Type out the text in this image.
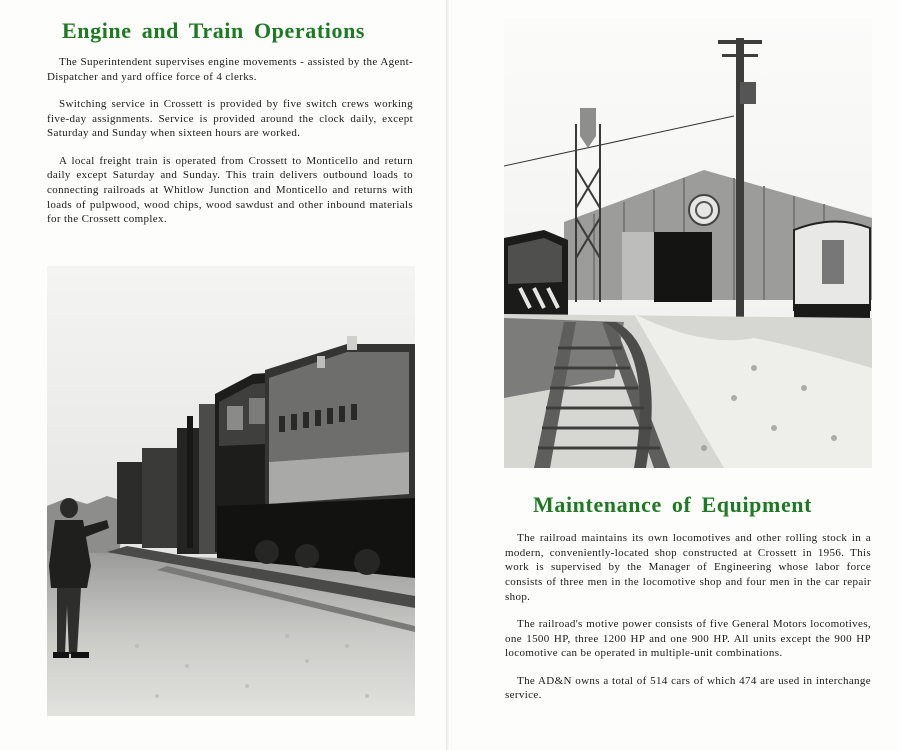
Engine and Train Operations

The Superintendent supervises engine movements - assisted by the Agent-Dispatcher and yard office force of 4 clerks.

Switching service in Crossett is provided by five switch crews working five-day assignments. Service is provided around the clock daily, except Saturday and Sunday when sixteen hours are worked.

A local freight train is operated from Crossett to Monticello and return daily except Saturday and Sunday. This train delivers outbound loads to connecting railroads at Whitlow Junction and Monticello and returns with loads of pulpwood, wood chips, wood sawdust and other inbound materials for the Crossett complex.

Maintenance of Equipment

The railroad maintains its own locomotives and other rolling stock in a modern, conveniently-located shop constructed at Crossett in 1956. This work is supervised by the Manager of Engineering whose labor force consists of three men in the locomotive shop and four men in the car repair shop.

The railroad's motive power consists of five General Motors locomotives, one 1500 HP, three 1200 HP and one 900 HP. All units except the 900 HP locomotive can be operated in multiple-unit combinations.

The AD&N owns a total of 514 cars of which 474 are used in interchange service.
